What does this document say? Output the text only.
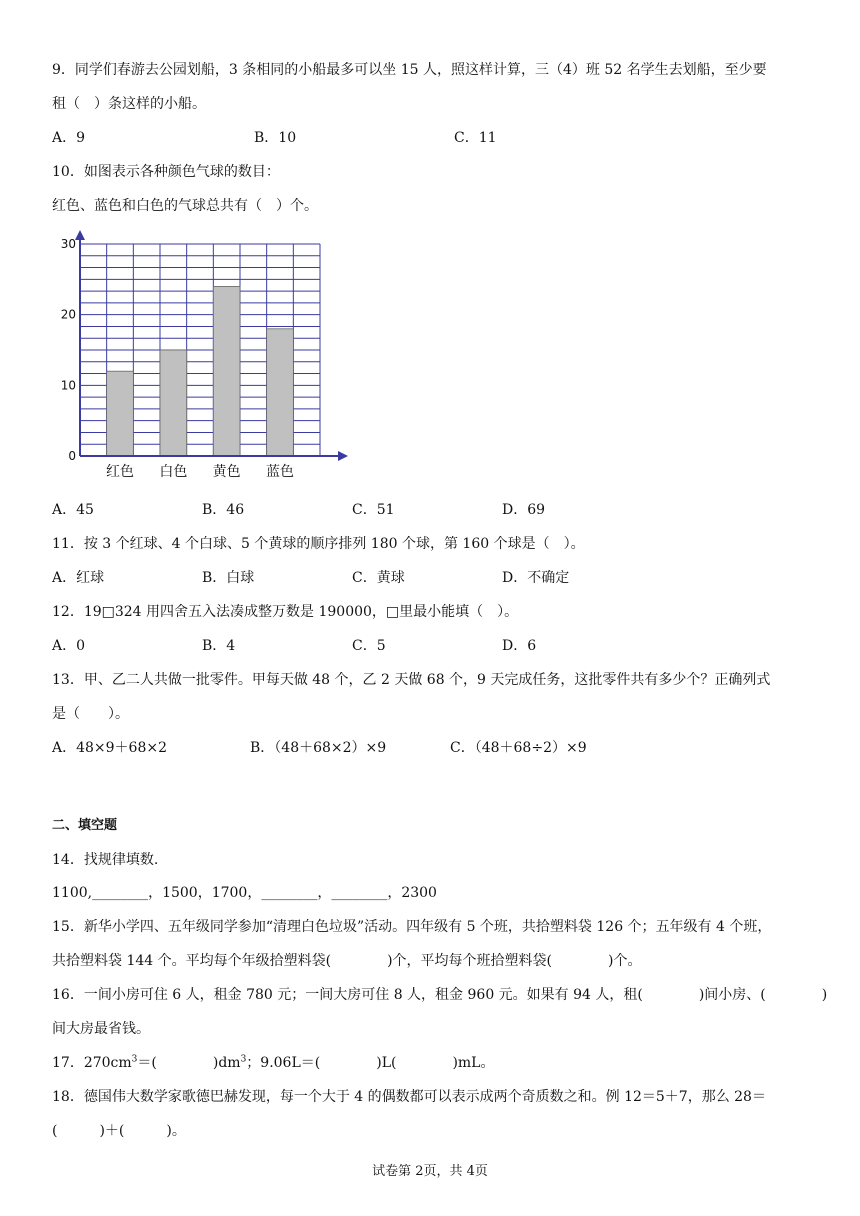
9．同学们春游去公园划船，3 条相同的小船最多可以坐 15 人，照这样计算，三（4）班 52 名学生去划船，至少要
租（　）条这样的小船。
A．9	B．10	C．11
10．如图表示各种颜色气球的数目：
红色、蓝色和白色的气球总共有（　）个。
0
10
20
30
红色 白色 黄色 蓝色
A．45	B．46	C．51	D．69
11．按 3 个红球、4 个白球、5 个黄球的顺序排列 180 个球，第 160 个球是（　）。
A．红球	B．白球	C．黄球	D．不确定
12．19□324 用四舍五入法凑成整万数是 190000，□里最小能填（　）。
A．0	B．4	C．5	D．6
13．甲、乙二人共做一批零件。甲每天做 48 个，乙 2 天做 68 个，9 天完成任务，这批零件共有多少个？正确列式
是（　　）。
A．48×9＋68×2	B．（48＋68×2）×9	C．（48＋68÷2）×9
二、填空题
14．找规律填数.
1100,________，1500，1700，________，________，2300
15．新华小学四、五年级同学参加“清理白色垃圾”活动。四年级有 5 个班，共拾塑料袋 126 个；五年级有 4 个班，
共拾塑料袋 144 个。平均每个年级拾塑料袋(　　　　)个，平均每个班拾塑料袋(　　　　)个。
16．一间小房可住 6 人，租金 780 元；一间大房可住 8 人，租金 960 元。如果有 94 人，租(　　　　)间小房、(　　　　)
间大房最省钱。
17．$270cm^3=$(　　　　)$dm^3$；9.06L＝(　　　　)L(　　　　)mL。
18．德国伟大数学家歌德巴赫发现，每一个大于 4 的偶数都可以表示成两个奇质数之和。例 12＝5＋7，那么 28＝
(　　　)＋(　　　)。
试卷第 2页，共 4页
